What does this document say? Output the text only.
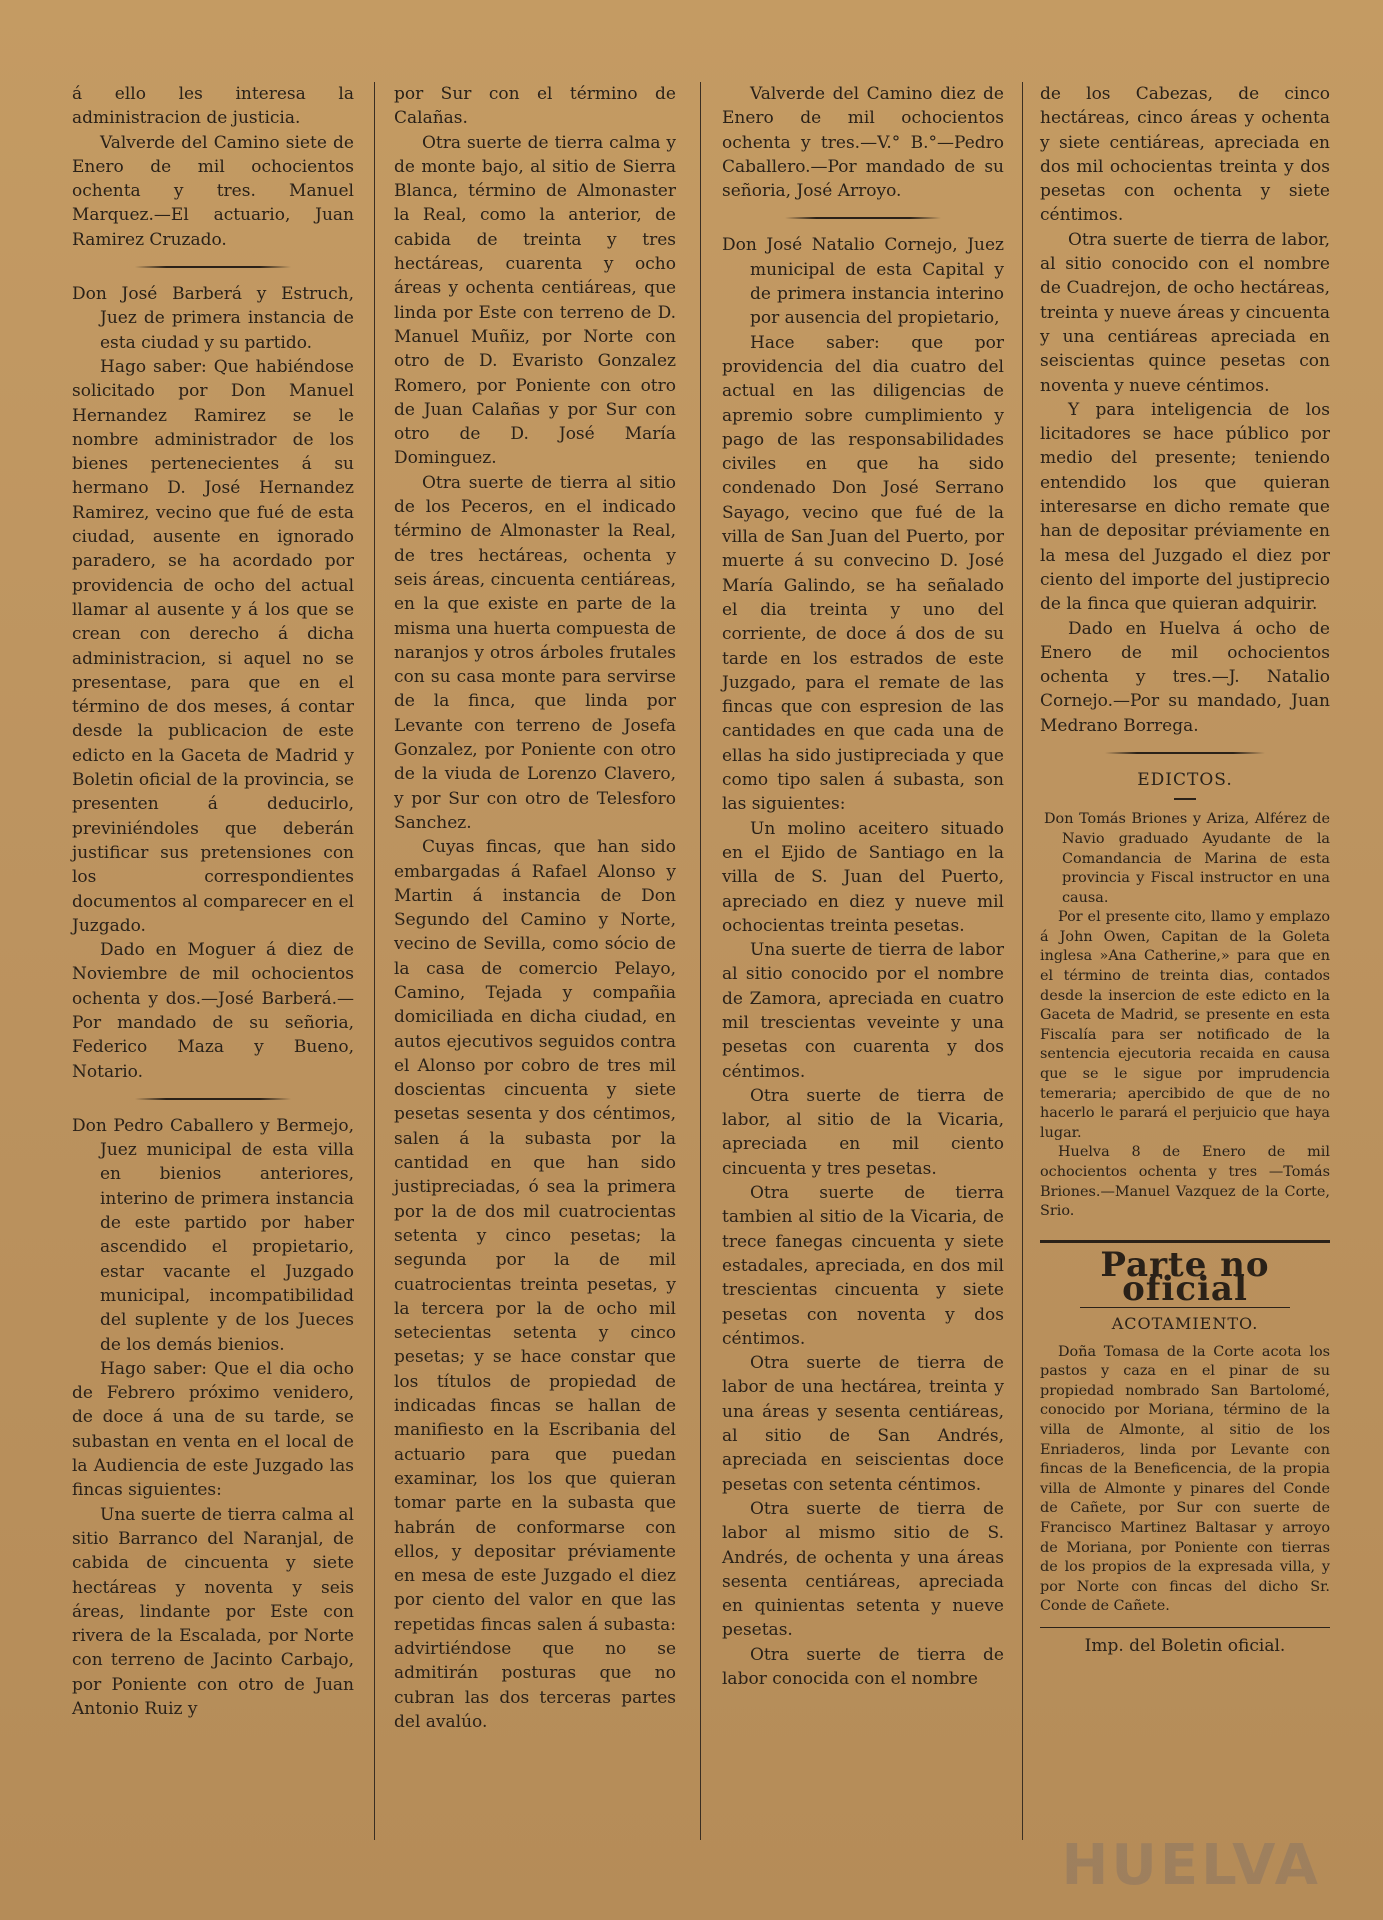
á ello les interesa la administracion de justicia.

Valverde del Camino siete de Enero de mil ochocientos ochenta y tres. Manuel Marquez.—El actuario, Juan Ramirez Cruzado.

Don José Barberá y Estruch, Juez de primera instancia de esta ciudad y su partido.

Hago saber: Que habiéndose solicitado por Don Manuel Hernandez Ramirez se le nombre administrador de los bienes pertenecientes á su hermano D. José Hernandez Ramirez, vecino que fué de esta ciudad, ausente en ignorado paradero, se ha acordado por providencia de ocho del actual llamar al ausente y á los que se crean con derecho á dicha administracion, si aquel no se presentase, para que en el término de dos meses, á contar desde la publicacion de este edicto en la Gaceta de Madrid y Boletin oficial de la provincia, se presenten á deducirlo, previniéndoles que deberán justificar sus pretensiones con los correspondientes documentos al comparecer en el Juzgado.

Dado en Moguer á diez de Noviembre de mil ochocientos ochenta y dos.—José Barberá.—Por mandado de su señoria, Federico Maza y Bueno, Notario.

Don Pedro Caballero y Bermejo, Juez municipal de esta villa en bienios anteriores, interino de primera instancia de este partido por haber ascendido el propietario, estar vacante el Juzgado municipal, incompatibilidad del suplente y de los Jueces de los demás bienios.

Hago saber: Que el dia ocho de Febrero próximo venidero, de doce á una de su tarde, se subastan en venta en el local de la Audiencia de este Juzgado las fincas siguientes:

Una suerte de tierra calma al sitio Barranco del Naranjal, de cabida de cincuenta y siete hectáreas y noventa y seis áreas, lindante por Este con rivera de la Escalada, por Norte con terreno de Jacinto Carbajo, por Poniente con otro de Juan Antonio Ruiz y

por Sur con el término de Calañas.

Otra suerte de tierra calma y de monte bajo, al sitio de Sierra Blanca, término de Almonaster la Real, como la anterior, de cabida de treinta y tres hectáreas, cuarenta y ocho áreas y ochenta centiáreas, que linda por Este con terreno de D. Manuel Muñiz, por Norte con otro de D. Evaristo Gonzalez Romero, por Poniente con otro de Juan Calañas y por Sur con otro de D. José María Dominguez.

Otra suerte de tierra al sitio de los Peceros, en el indicado término de Almonaster la Real, de tres hectáreas, ochenta y seis áreas, cincuenta centiáreas, en la que existe en parte de la misma una huerta compuesta de naranjos y otros árboles frutales con su casa monte para servirse de la finca, que linda por Levante con terreno de Josefa Gonzalez, por Poniente con otro de la viuda de Lorenzo Clavero, y por Sur con otro de Telesforo Sanchez.

Cuyas fincas, que han sido embargadas á Rafael Alonso y Martin á instancia de Don Segundo del Camino y Norte, vecino de Sevilla, como sócio de la casa de comercio Pelayo, Camino, Tejada y compañia domiciliada en dicha ciudad, en autos ejecutivos seguidos contra el Alonso por cobro de tres mil doscientas cincuenta y siete pesetas sesenta y dos céntimos, salen á la subasta por la cantidad en que han sido justipreciadas, ó sea la primera por la de dos mil cuatrocientas setenta y cinco pesetas; la segunda por la de mil cuatrocientas treinta pesetas, y la tercera por la de ocho mil setecientas setenta y cinco pesetas; y se hace constar que los títulos de propiedad de indicadas fincas se hallan de manifiesto en la Escribania del actuario para que puedan examinar, los los que quieran tomar parte en la subasta que habrán de conformarse con ellos, y depositar préviamente en mesa de este Juzgado el diez por ciento del valor en que las repetidas fincas salen á subasta: advirtiéndose que no se admitirán posturas que no cubran las dos terceras partes del avalúo.

Valverde del Camino diez de Enero de mil ochocientos ochenta y tres.—V.° B.°—Pedro Caballero.—Por mandado de su señoria, José Arroyo.

Don José Natalio Cornejo, Juez municipal de esta Capital y de primera instancia interino por ausencia del propietario,

Hace saber: que por providencia del dia cuatro del actual en las diligencias de apremio sobre cumplimiento y pago de las responsabilidades civiles en que ha sido condenado Don José Serrano Sayago, vecino que fué de la villa de San Juan del Puerto, por muerte á su convecino D. José María Galindo, se ha señalado el dia treinta y uno del corriente, de doce á dos de su tarde en los estrados de este Juzgado, para el remate de las fincas que con espresion de las cantidades en que cada una de ellas ha sido justipreciada y que como tipo salen á subasta, son las siguientes:

Un molino aceitero situado en el Ejido de Santiago en la villa de S. Juan del Puerto, apreciado en diez y nueve mil ochocientas treinta pesetas.

Una suerte de tierra de labor al sitio conocido por el nombre de Zamora, apreciada en cuatro mil trescientas veveinte y una pesetas con cuarenta y dos céntimos.

Otra suerte de tierra de labor, al sitio de la Vicaria, apreciada en mil ciento cincuenta y tres pesetas.

Otra suerte de tierra tambien al sitio de la Vicaria, de trece fanegas cincuenta y siete estadales, apreciada, en dos mil trescientas cincuenta y siete pesetas con noventa y dos céntimos.

Otra suerte de tierra de labor de una hectárea, treinta y una áreas y sesenta centiáreas, al sitio de San Andrés, apreciada en seiscientas doce pesetas con setenta céntimos.

Otra suerte de tierra de labor al mismo sitio de S. Andrés, de ochenta y una áreas sesenta centiáreas, apreciada en quinientas setenta y nueve pesetas.

Otra suerte de tierra de labor conocida con el nombre

de los Cabezas, de cinco hectáreas, cinco áreas y ochenta y siete centiáreas, apreciada en dos mil ochocientas treinta y dos pesetas con ochenta y siete céntimos.

Otra suerte de tierra de labor, al sitio conocido con el nombre de Cuadrejon, de ocho hectáreas, treinta y nueve áreas y cincuenta y una centiáreas apreciada en seiscientas quince pesetas con noventa y nueve céntimos.

Y para inteligencia de los licitadores se hace público por medio del presente; teniendo entendido los que quieran interesarse en dicho remate que han de depositar préviamente en la mesa del Juzgado el diez por ciento del importe del justiprecio de la finca que quieran adquirir.

Dado en Huelva á ocho de Enero de mil ochocientos ochenta y tres.—J. Natalio Cornejo.—Por su mandado, Juan Medrano Borrega.

EDICTOS.

Don Tomás Briones y Ariza, Alférez de Navio graduado Ayudante de la Comandancia de Marina de esta provincia y Fiscal instructor en una causa.

Por el presente cito, llamo y emplazo á John Owen, Capitan de la Goleta inglesa »Ana Catherine,» para que en el término de treinta dias, contados desde la insercion de este edicto en la Gaceta de Madrid, se presente en esta Fiscalía para ser notificado de la sentencia ejecutoria recaida en causa que se le sigue por imprudencia temeraria; apercibido de que de no hacerlo le parará el perjuicio que haya lugar.

Huelva 8 de Enero de mil ochocientos ochenta y tres —Tomás Briones.—Manuel Vazquez de la Corte, Srio.

Parte no oficial
ACOTAMIENTO.

Doña Tomasa de la Corte acota los pastos y caza en el pinar de su propiedad nombrado San Bartolomé, conocido por Moriana, término de la villa de Almonte, al sitio de los Enriaderos, linda por Levante con fincas de la Beneficencia, de la propia villa de Almonte y pinares del Conde de Cañete, por Sur con suerte de Francisco Martinez Baltasar y arroyo de Moriana, por Poniente con tierras de los propios de la expresada villa, y por Norte con fincas del dicho Sr. Conde de Cañete.

Imp. del Boletin oficial.
HUELVA
